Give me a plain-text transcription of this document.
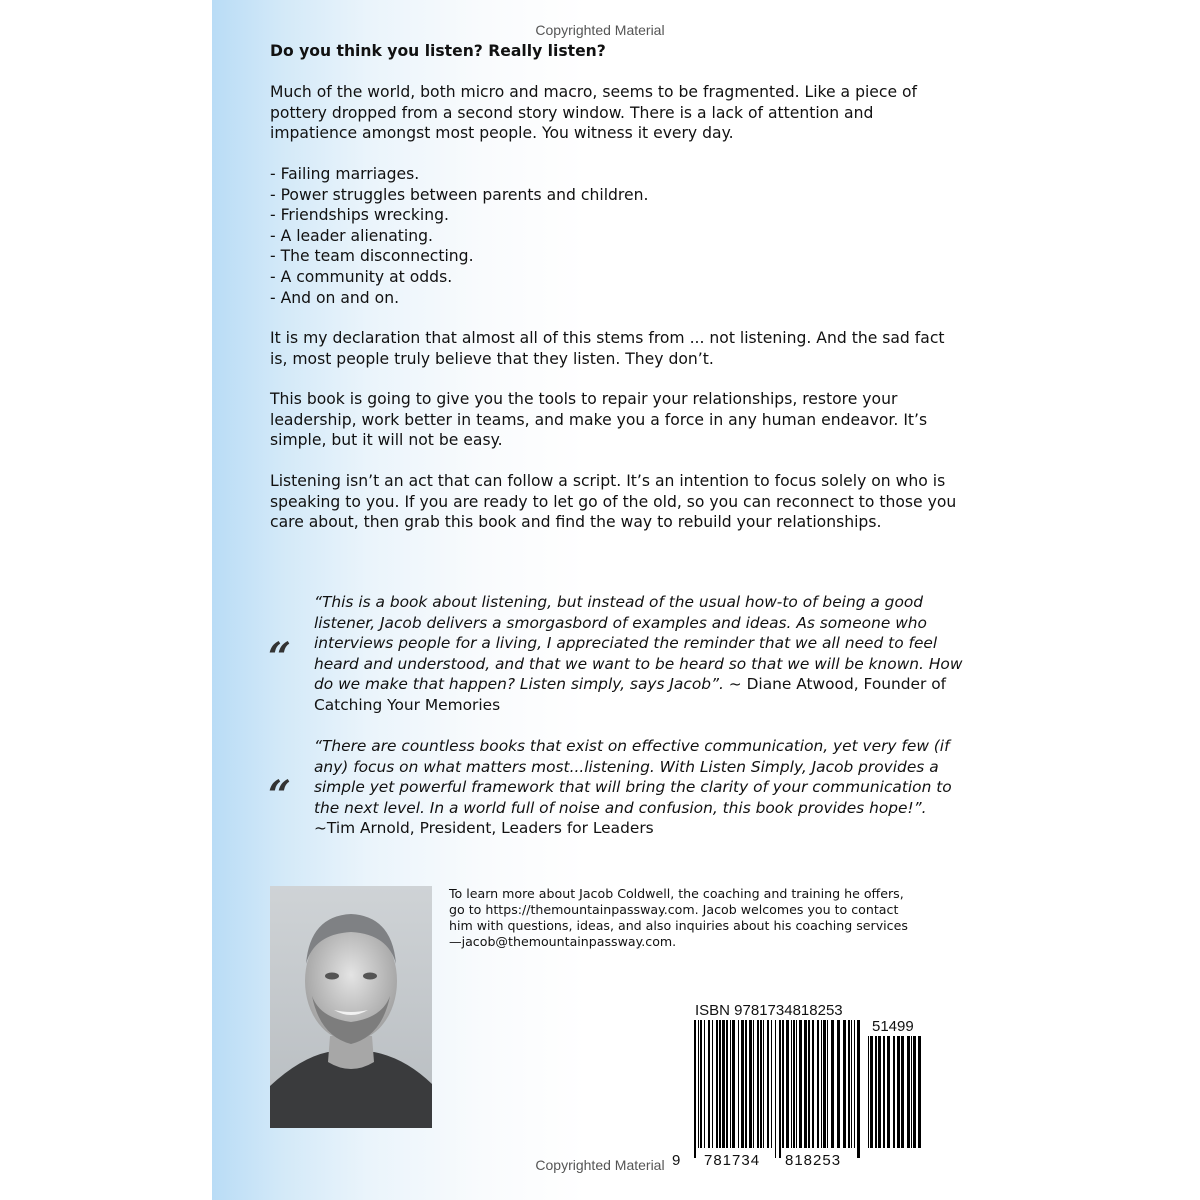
Copyrighted Material

Do you think you listen? Really listen?

Much of the world, both micro and macro, seems to be fragmented. Like a piece of pottery dropped from a second story window. There is a lack of attention and impatience amongst most people. You witness it every day.
- Failing marriages.
- Power struggles between parents and children.
- Friendships wrecking.
- A leader alienating.
- The team disconnecting.
- A community at odds.
- And on and on.
It is my declaration that almost all of this stems from ... not listening. And the sad fact is, most people truly believe that they listen. They don’t.
This book is going to give you the tools to repair your relationships, restore your leadership, work better in teams, and make you a force in any human endeavor. It’s simple, but it will not be easy.
Listening isn’t an act that can follow a script. It’s an intention to focus solely on who is speaking to you. If you are ready to let go of the old, so you can reconnect to those you care about, then grab this book and find the way to rebuild your relationships.
“
“This is a book about listening, but instead of the usual how-to of being a good listener, Jacob delivers a smorgasbord of examples and ideas. As someone who interviews people for a living, I appreciated the reminder that we all need to feel heard and understood, and that we want to be heard so that we will be known. How do we make that happen? Listen simply, says Jacob”. ~ Diane Atwood, Founder of Catching Your Memories
“
“There are countless books that exist on effective communication, yet very few (if any) focus on what matters most...listening. With Listen Simply, Jacob provides a simple yet powerful framework that will bring the clarity of your communication to the next level. In a world full of noise and confusion, this book provides hope!”. ~Tim Arnold, President, Leaders for Leaders
To learn more about Jacob Coldwell, the coaching and training he offers, go to https://themountainpassway.com. Jacob welcomes you to contact him with questions, ideas, and also inquiries about his coaching services—jacob@themountainpassway.com.
ISBN 9781734818253
51499
9 781734 818253
Copyrighted Material
